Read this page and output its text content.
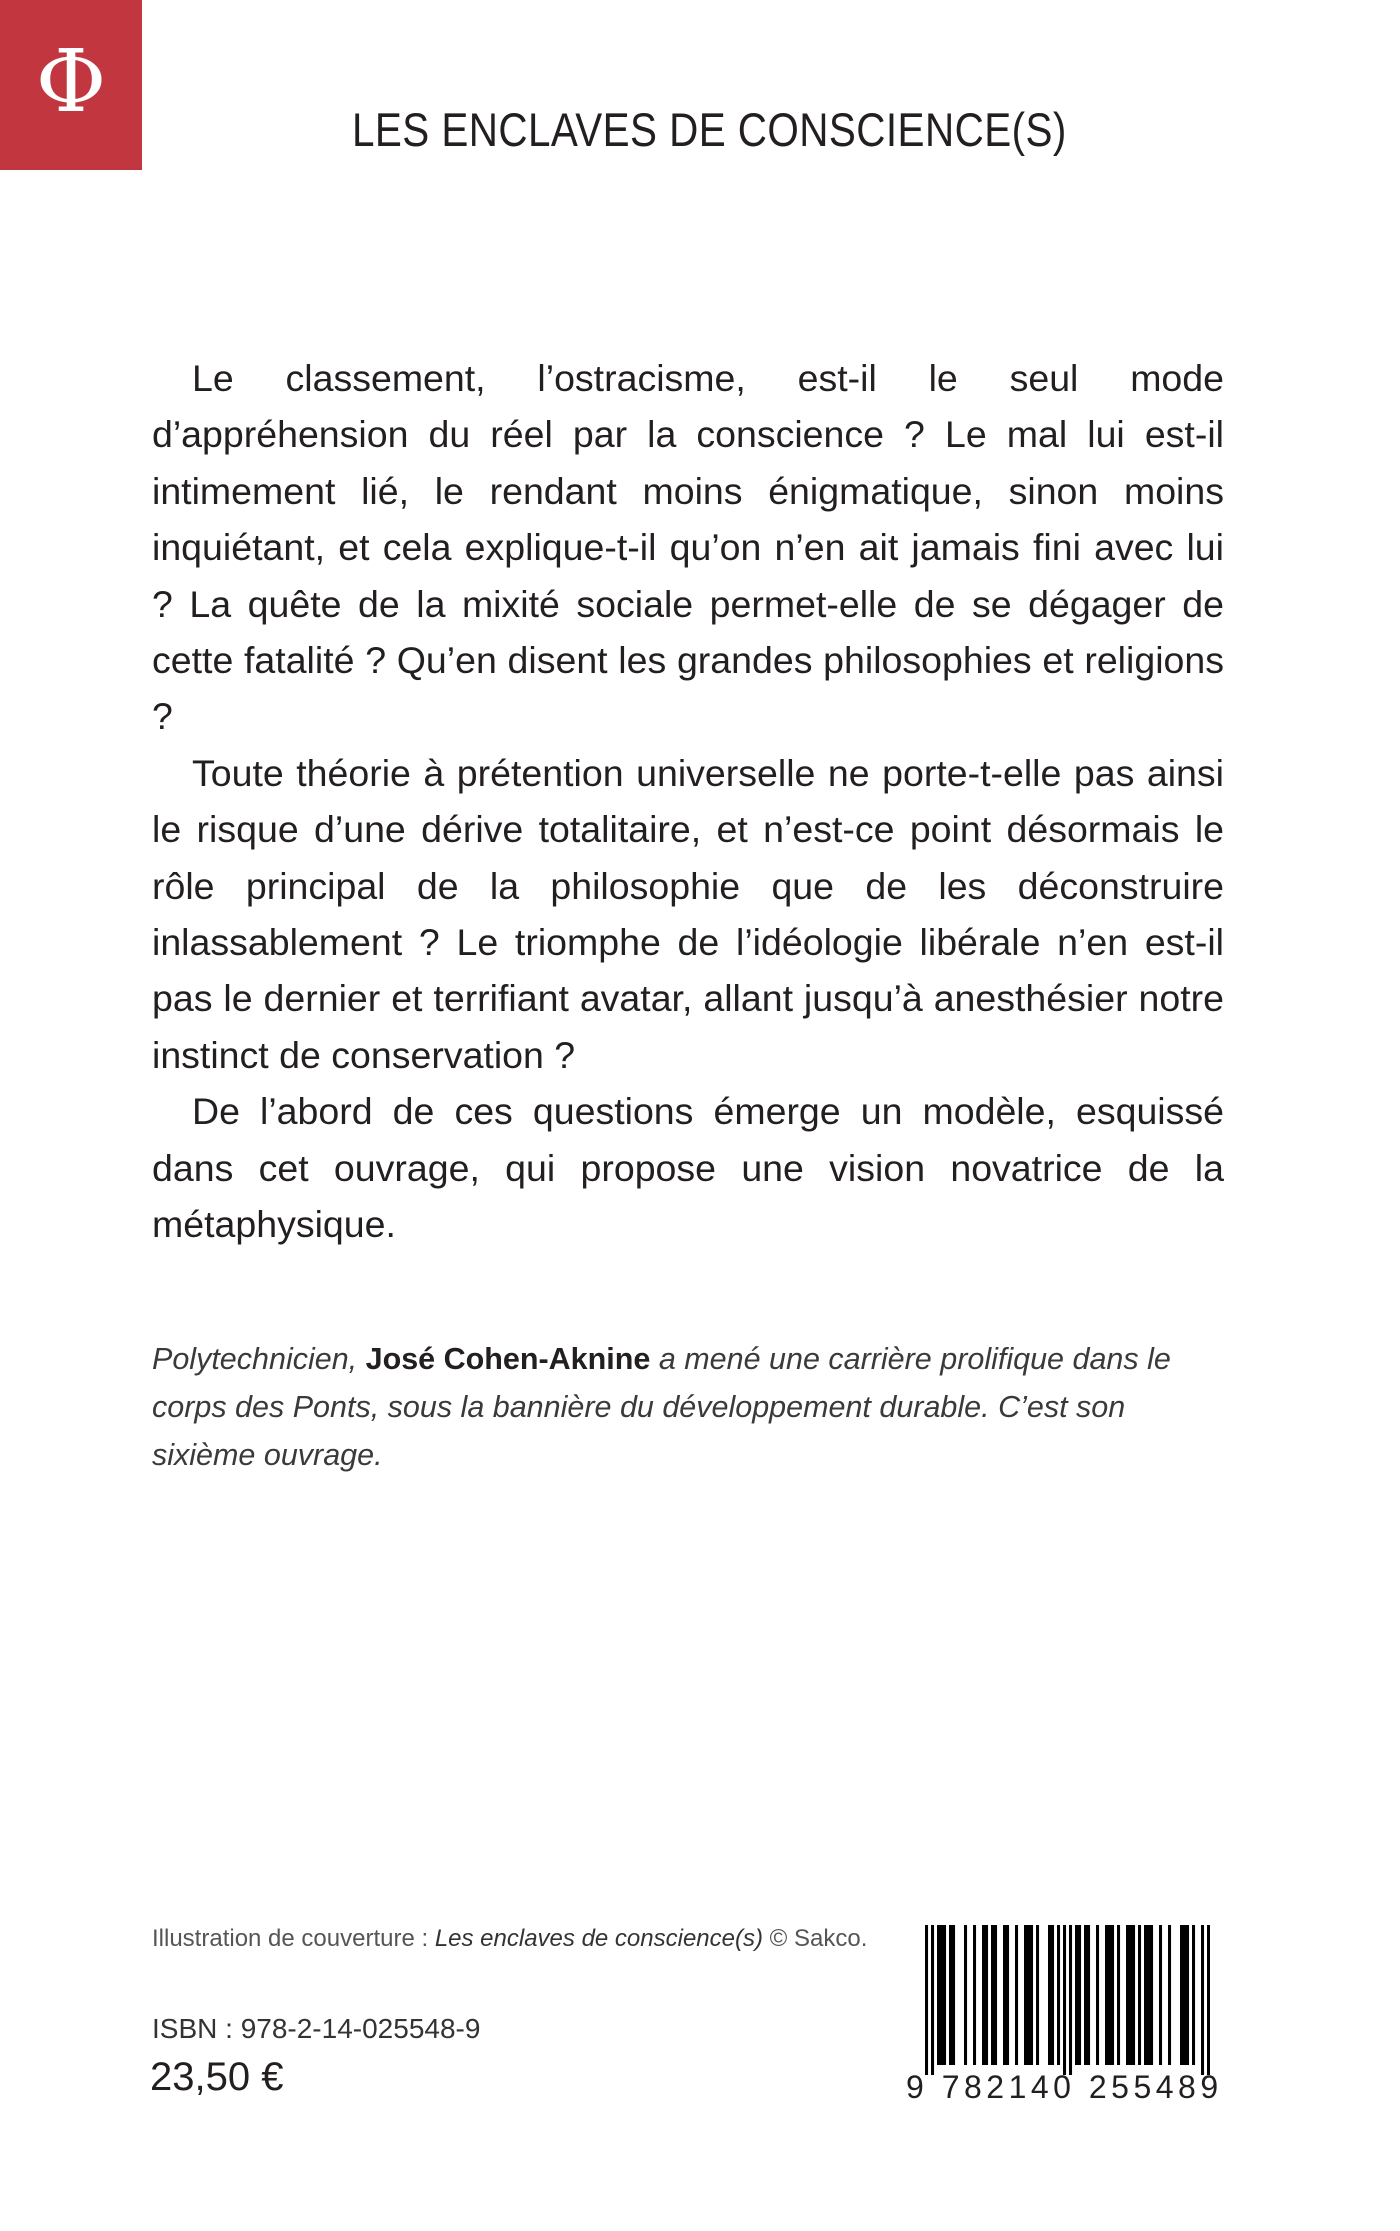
Φ	LES ENCLAVES DE CONSCIENCE(S)

Le classement, l’ostracisme, est-il le seul mode d’appréhension du réel par la conscience ? Le mal lui est-il intimement lié, le rendant moins énigmatique, sinon moins inquiétant, et cela explique-t-il qu’on n’en ait jamais fini avec lui ? La quête de la mixité sociale permet-elle de se dégager de cette fatalité ? Qu’en disent les grandes philosophies et religions ?

Toute théorie à prétention universelle ne porte-t-elle pas ainsi le risque d’une dérive totalitaire, et n’est-ce point désormais le rôle principal de la philosophie que de les déconstruire inlassablement ? Le triomphe de l’idéologie libérale n’en est-il pas le dernier et terrifiant avatar, allant jusqu’à anesthésier notre instinct de conservation ?

De l’abord de ces questions émerge un modèle, esquissé dans cet ouvrage, qui propose une vision novatrice de la métaphysique.

Polytechnicien, José Cohen-Aknine a mené une carrière prolifique dans le corps des Ponts, sous la bannière du développement durable. C’est son sixième ouvrage.
Illustration de couverture : Les enclaves de conscience(s) © Sakco.
ISBN : 978-2-14-025548-9
23,50 €	9 782140 255489
